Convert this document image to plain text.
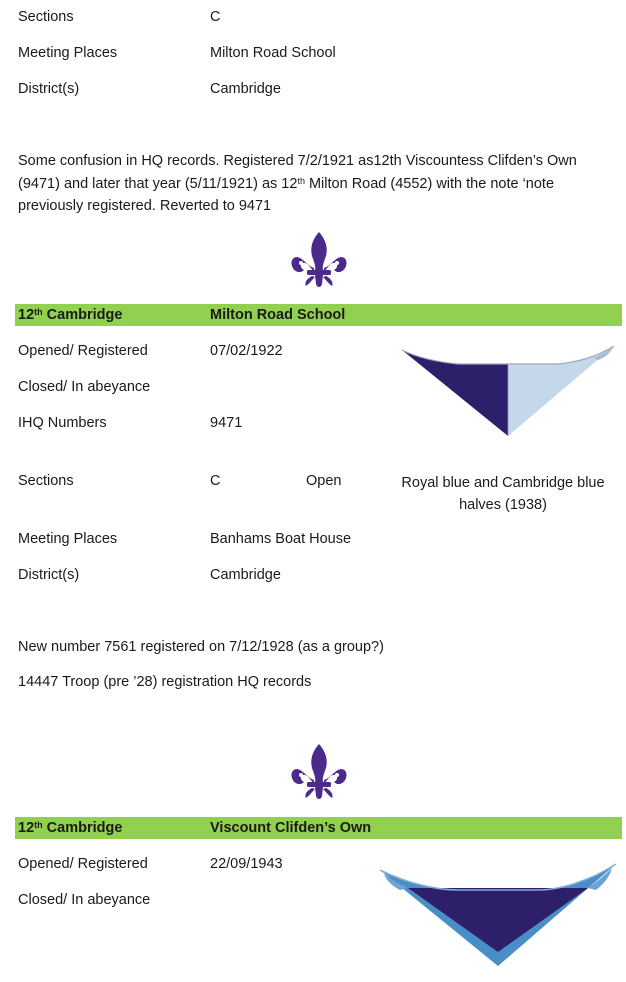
Sections	C
Meeting Places	Milton Road School
District(s)	Cambridge
Some confusion in HQ records. Registered 7/2/1921 as12th Viscountess Clifden’s Own (9471) and later that year (5/11/1921) as 12th Milton Road (4552) with the note ‘note previously registered. Reverted to 9471
12th Cambridge	Milton Road School
Opened/ Registered	07/02/1922
Closed/ In abeyance
IHQ Numbers	9471
Sections	C	Open	Royal blue and Cambridge blue halves (1938)
Meeting Places	Banhams Boat House
District(s)	Cambridge
New number 7561 registered on 7/12/1928 (as a group?)
14447 Troop (pre ’28) registration HQ records
12th Cambridge	Viscount Clifden’s Own
Opened/ Registered	22/09/1943
Closed/ In abeyance
